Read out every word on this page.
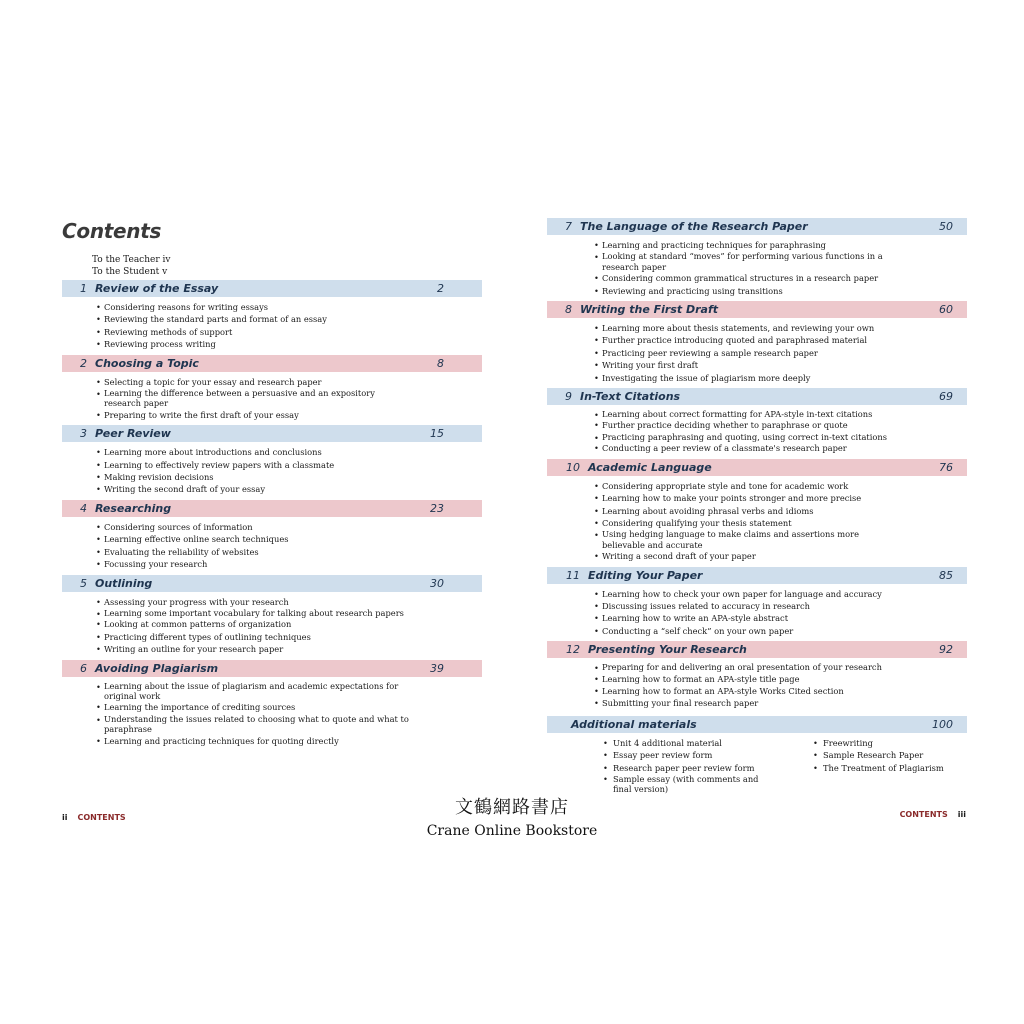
Contents
To the Teacher iv
To the Student v
1 Review of the Essay	2
• Considering reasons for writing essays
• Reviewing the standard parts and format of an essay
• Reviewing methods of support
• Reviewing process writing
2 Choosing a Topic	8
• Selecting a topic for your essay and research paper
• Learning the difference between a persuasive and an expository research paper
• Preparing to write the first draft of your essay
3 Peer Review	15
• Learning more about introductions and conclusions
• Learning to effectively review papers with a classmate
• Making revision decisions
• Writing the second draft of your essay
4 Researching	23
• Considering sources of information
• Learning effective online search techniques
• Evaluating the reliability of websites
• Focussing your research
5 Outlining	30
• Assessing your progress with your research
• Learning some important vocabulary for talking about research papers
• Looking at common patterns of organization
• Practicing different types of outlining techniques
• Writing an outline for your research paper
6 Avoiding Plagiarism	39
• Learning about the issue of plagiarism and academic expectations for original work
• Learning the importance of crediting sources
• Understanding the issues related to choosing what to quote and what to paraphrase
• Learning and practicing techniques for quoting directly
7 The Language of the Research Paper	50
• Learning and practicing techniques for paraphrasing
• Looking at standard “moves” for performing various functions in a research paper
• Considering common grammatical structures in a research paper
• Reviewing and practicing using transitions
8 Writing the First Draft	60
• Learning more about thesis statements, and reviewing your own
• Further practice introducing quoted and paraphrased material
• Practicing peer reviewing a sample research paper
• Writing your first draft
• Investigating the issue of plagiarism more deeply
9 In-Text Citations	69
• Learning about correct formatting for APA-style in-text citations
• Further practice deciding whether to paraphrase or quote
• Practicing paraphrasing and quoting, using correct in-text citations
• Conducting a peer review of a classmate's research paper
10 Academic Language	76
• Considering appropriate style and tone for academic work
• Learning how to make your points stronger and more precise
• Learning about avoiding phrasal verbs and idioms
• Considering qualifying your thesis statement
• Using hedging language to make claims and assertions more believable and accurate
• Writing a second draft of your paper
11 Editing Your Paper	85
• Learning how to check your own paper for language and accuracy
• Discussing issues related to accuracy in research
• Learning how to write an APA-style abstract
• Conducting a “self check” on your own paper
12 Presenting Your Research	92
• Preparing for and delivering an oral presentation of your research
• Learning how to format an APA-style title page
• Learning how to format an APA-style Works Cited section
• Submitting your final research paper
Additional materials	100
• Unit 4 additional material
• Essay peer review form
• Research paper peer review form
• Sample essay (with comments and final version)
• Freewriting
• Sample Research Paper
• The Treatment of Plagiarism
ii CONTENTS	CONTENTS iii
文鶴網路書店
Crane Online Bookstore
